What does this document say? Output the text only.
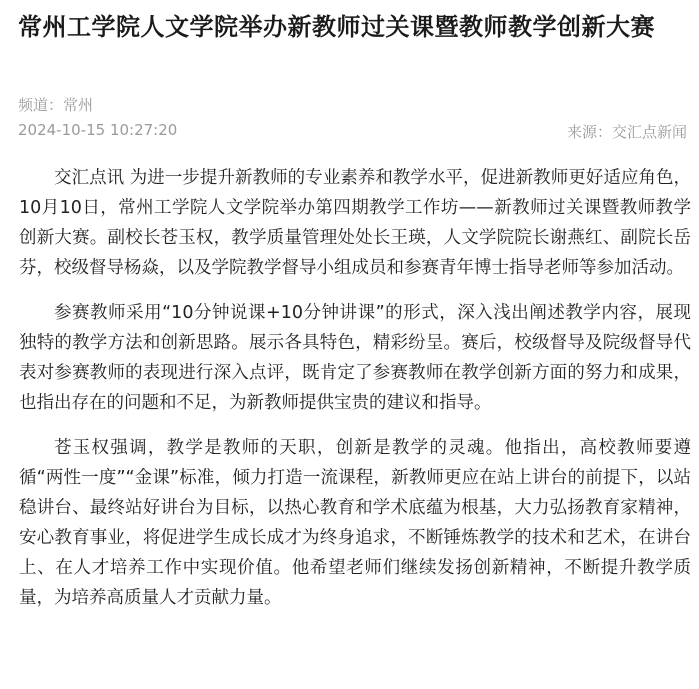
常州工学院人文学院举办新教师过关课暨教师教学创新大赛
频道：常州
2024-10-15 10:27:20	来源：交汇点新闻

交汇点讯 为进一步提升新教师的专业素养和教学水平，促进新教师更好适应角色，10月10日，常州工学院人文学院举办第四期教学工作坊——新教师过关课暨教师教学创新大赛。副校长苍玉权，教学质量管理处处长王瑛，人文学院院长谢燕红、副院长岳芬，校级督导杨焱，以及学院教学督导小组成员和参赛青年博士指导老师等参加活动。

参赛教师采用“10分钟说课+10分钟讲课”的形式，深入浅出阐述教学内容，展现独特的教学方法和创新思路。展示各具特色，精彩纷呈。赛后，校级督导及院级督导代表对参赛教师的表现进行深入点评，既肯定了参赛教师在教学创新方面的努力和成果，也指出存在的问题和不足，为新教师提供宝贵的建议和指导。

苍玉权强调，教学是教师的天职，创新是教学的灵魂。他指出，高校教师要遵循“两性一度”“金课”标准，倾力打造一流课程，新教师更应在站上讲台的前提下，以站稳讲台、最终站好讲台为目标，以热心教育和学术底蕴为根基，大力弘扬教育家精神，安心教育事业，将促进学生成长成才为终身追求，不断锤炼教学的技术和艺术，在讲台上、在人才培养工作中实现价值。他希望老师们继续发扬创新精神，不断提升教学质量，为培养高质量人才贡献力量。
